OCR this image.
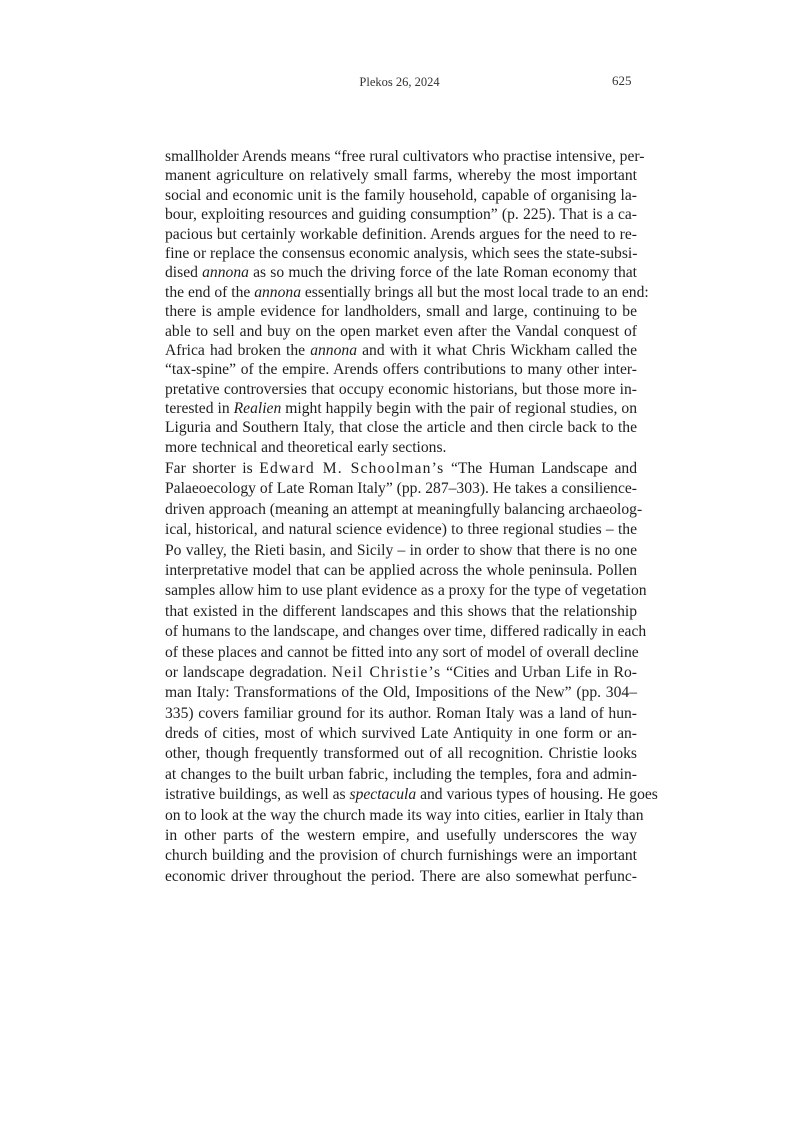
Plekos 26, 2024	625
smallholder Arends means “free rural cultivators who practise intensive, per-
manent agriculture on relatively small farms, whereby the most important
social and economic unit is the family household, capable of organising la-
bour, exploiting resources and guiding consumption” (p. 225). That is a ca-
pacious but certainly workable definition. Arends argues for the need to re-
fine or replace the consensus economic analysis, which sees the state-subsi-
dised annona as so much the driving force of the late Roman economy that
the end of the annona essentially brings all but the most local trade to an end:
there is ample evidence for landholders, small and large, continuing to be
able to sell and buy on the open market even after the Vandal conquest of
Africa had broken the annona and with it what Chris Wickham called the
“tax-spine” of the empire. Arends offers contributions to many other inter-
pretative controversies that occupy economic historians, but those more in-
terested in Realien might happily begin with the pair of regional studies, on
Liguria and Southern Italy, that close the article and then circle back to the
more technical and theoretical early sections.
Far shorter is Edward M. Schoolman’s “The Human Landscape and
Palaeoecology of Late Roman Italy” (pp. 287–303). He takes a consilience-
driven approach (meaning an attempt at meaningfully balancing archaeolog-
ical, historical, and natural science evidence) to three regional studies – the
Po valley, the Rieti basin, and Sicily – in order to show that there is no one
interpretative model that can be applied across the whole peninsula. Pollen
samples allow him to use plant evidence as a proxy for the type of vegetation
that existed in the different landscapes and this shows that the relationship
of humans to the landscape, and changes over time, differed radically in each
of these places and cannot be fitted into any sort of model of overall decline
or landscape degradation. Neil Christie’s “Cities and Urban Life in Ro-
man Italy: Transformations of the Old, Impositions of the New” (pp. 304–
335) covers familiar ground for its author. Roman Italy was a land of hun-
dreds of cities, most of which survived Late Antiquity in one form or an-
other, though frequently transformed out of all recognition. Christie looks
at changes to the built urban fabric, including the temples, fora and admin-
istrative buildings, as well as spectacula and various types of housing. He goes
on to look at the way the church made its way into cities, earlier in Italy than
in other parts of the western empire, and usefully underscores the way
church building and the provision of church furnishings were an important
economic driver throughout the period. There are also somewhat perfunc-
